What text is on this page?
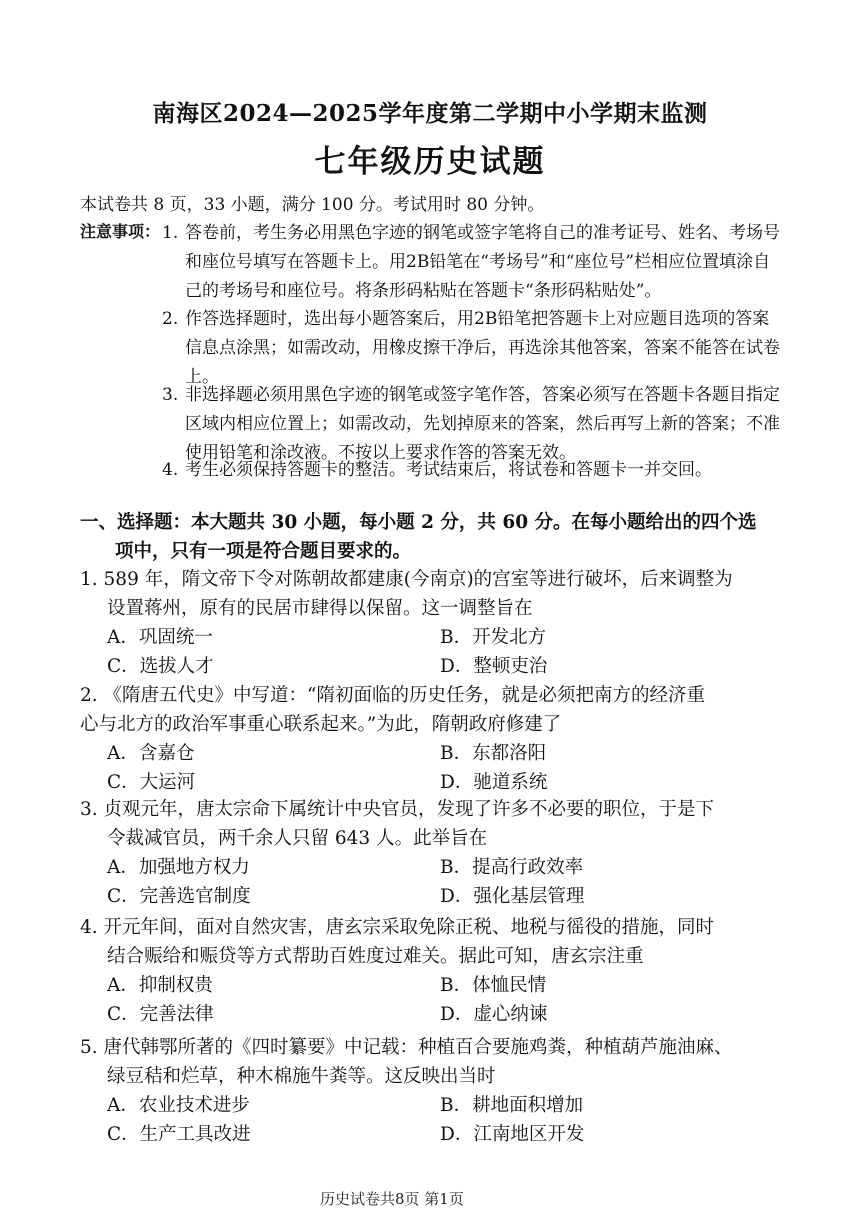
南海区2024—2025学年度第二学期中小学期末监测
七年级历史试题
本试卷共 8 页，33 小题，满分 100 分。考试用时 80 分钟。
注意事项： 1. 答卷前，考生务必用黑色字迹的钢笔或签字笔将自己的准考证号、姓名、考场号和座位号填写在答题卡上。用2B铅笔在“考场号”和“座位号”栏相应位置填涂自己的考场号和座位号。将条形码粘贴在答题卡“条形码粘贴处”。
2. 作答选择题时，选出每小题答案后，用2B铅笔把答题卡上对应题目选项的答案信息点涂黑；如需改动，用橡皮擦干净后，再选涂其他答案，答案不能答在试卷上。
3. 非选择题必须用黑色字迹的钢笔或签字笔作答，答案必须写在答题卡各题目指定区域内相应位置上；如需改动，先划掉原来的答案，然后再写上新的答案；不准使用铅笔和涂改液。不按以上要求作答的答案无效。
4. 考生必须保持答题卡的整洁。考试结束后，将试卷和答题卡一并交回。
一、选择题：本大题共 30 小题，每小题 2 分，共 60 分。在每小题给出的四个选
项中，只有一项是符合题目要求的。
1. 589 年，隋文帝下令对陈朝故都建康(今南京)的宫室等进行破坏，后来调整为
设置蒋州，原有的民居市肆得以保留。这一调整旨在
A．巩固统一	B．开发北方
C．选拔人才	D．整顿吏治
2. 《隋唐五代史》中写道：“隋初面临的历史任务，就是必须把南方的经济重
心与北方的政治军事重心联系起来。”为此，隋朝政府修建了
A．含嘉仓	B．东都洛阳
C．大运河	D．驰道系统
3. 贞观元年，唐太宗命下属统计中央官员，发现了许多不必要的职位，于是下
令裁减官员，两千余人只留 643 人。此举旨在
A．加强地方权力	B．提高行政效率
C．完善选官制度	D．强化基层管理
4. 开元年间，面对自然灾害，唐玄宗采取免除正税、地税与徭役的措施，同时
结合赈给和赈贷等方式帮助百姓度过难关。据此可知，唐玄宗注重
A．抑制权贵	B．体恤民情
C．完善法律	D．虚心纳谏
5. 唐代韩鄂所著的《四时纂要》中记载：种植百合要施鸡粪，种植葫芦施油麻、
绿豆秸和烂草，种木棉施牛粪等。这反映出当时
A．农业技术进步	B．耕地面积增加
C．生产工具改进	D．江南地区开发
历史试卷共8页 第1页
